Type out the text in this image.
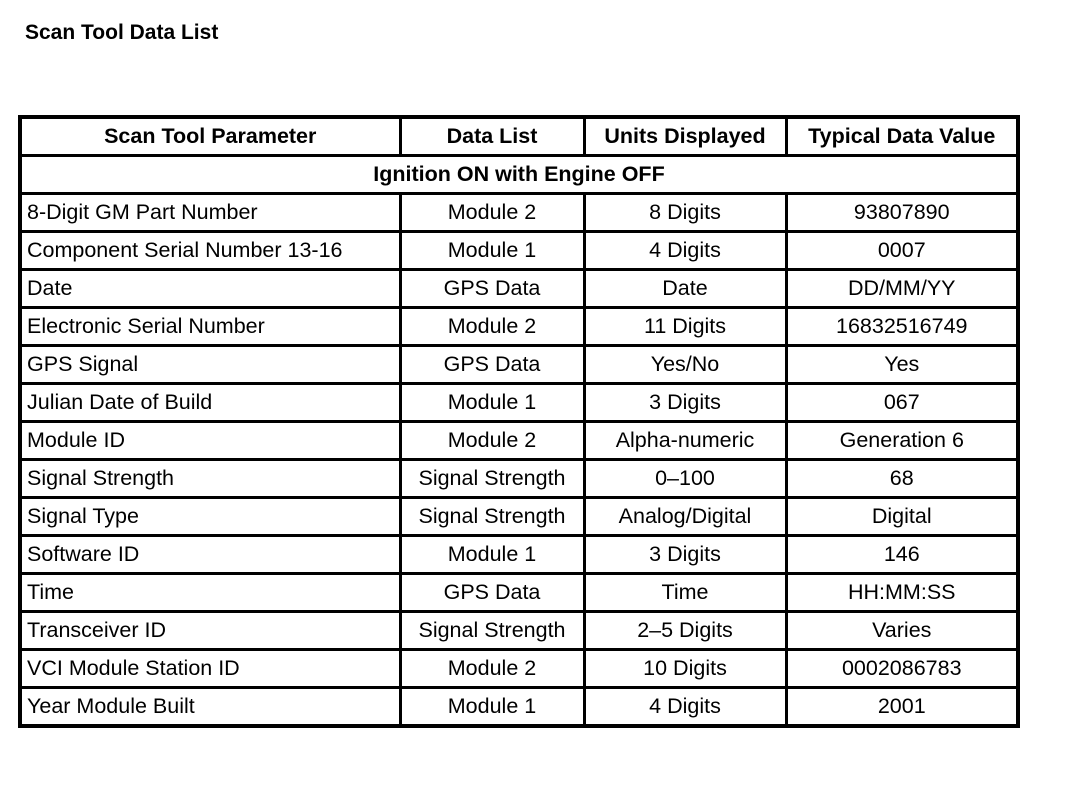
Scan Tool Data List
Scan Tool Parameter	Data List	Units Displayed	Typical Data Value
Ignition ON with Engine OFF			
8-Digit GM Part Number	Module 2	8 Digits	93807890
Component Serial Number 13-16	Module 1	4 Digits	0007
Date	GPS Data	Date	DD/MM/YY
Electronic Serial Number	Module 2	11 Digits	16832516749
GPS Signal	GPS Data	Yes/No	Yes
Julian Date of Build	Module 1	3 Digits	067
Module ID	Module 2	Alpha-numeric	Generation 6
Signal Strength	Signal Strength	0–100	68
Signal Type	Signal Strength	Analog/Digital	Digital
Software ID	Module 1	3 Digits	146
Time	GPS Data	Time	HH:MM:SS
Transceiver ID	Signal Strength	2–5 Digits	Varies
VCI Module Station ID	Module 2	10 Digits	0002086783
Year Module Built	Module 1	4 Digits	2001
